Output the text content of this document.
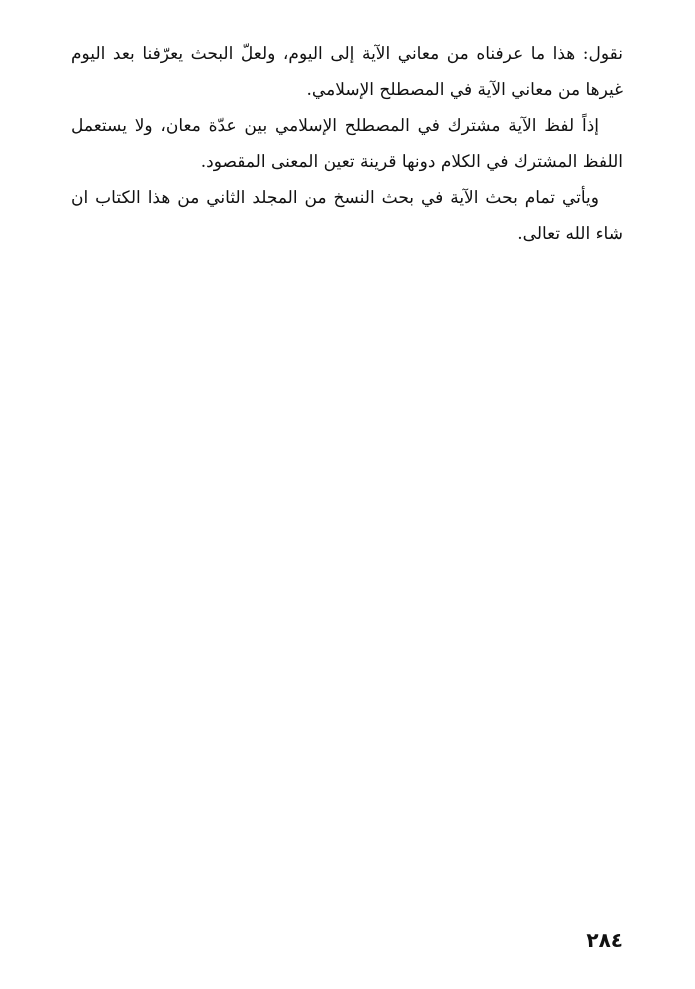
نقول: هذا ما عرفناه من معاني الآية إلى اليوم، ولعلّ البحث يعرّفنا بعد اليوم غيرها من معاني الآية في المصطلح الإسلامي.

إذاً لفظ الآية مشترك في المصطلح الإسلامي بين عدّة معان، ولا يستعمل اللفظ المشترك في الكلام دونها قرينة تعين المعنى المقصود.

ويأتي تمام بحث الآية في بحث النسخ من المجلد الثاني من هذا الكتاب ان شاء الله تعالى.

٢٨٤
